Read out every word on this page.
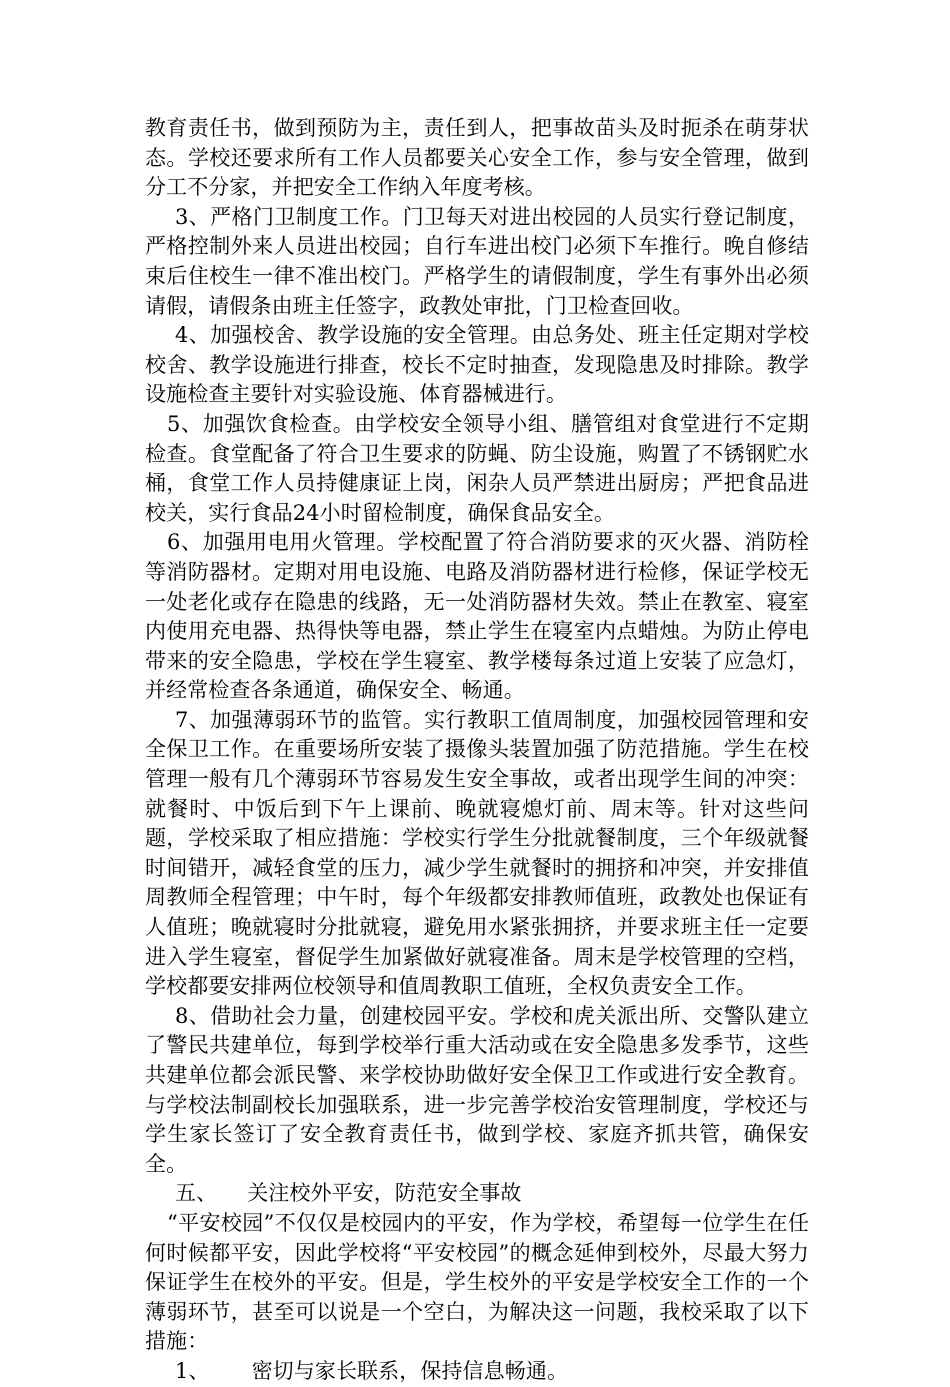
教育责任书，做到预防为主，责任到人，把事故苗头及时扼杀在萌芽状态。学校还要求所有工作人员都要关心安全工作，参与安全管理，做到分工不分家，并把安全工作纳入年度考核。

3、严格门卫制度工作。门卫每天对进出校园的人员实行登记制度，严格控制外来人员进出校园；自行车进出校门必须下车推行。晚自修结束后住校生一律不准出校门。严格学生的请假制度，学生有事外出必须请假，请假条由班主任签字，政教处审批，门卫检查回收。

4、加强校舍、教学设施的安全管理。由总务处、班主任定期对学校校舍、教学设施进行排查，校长不定时抽查，发现隐患及时排除。教学设施检查主要针对实验设施、体育器械进行。

5、加强饮食检查。由学校安全领导小组、膳管组对食堂进行不定期检查。食堂配备了符合卫生要求的防蝇、防尘设施，购置了不锈钢贮水桶，食堂工作人员持健康证上岗，闲杂人员严禁进出厨房；严把食品进校关，实行食品24小时留检制度，确保食品安全。

6、加强用电用火管理。学校配置了符合消防要求的灭火器、消防栓等消防器材。定期对用电设施、电路及消防器材进行检修，保证学校无一处老化或存在隐患的线路，无一处消防器材失效。禁止在教室、寝室内使用充电器、热得快等电器，禁止学生在寝室内点蜡烛。为防止停电带来的安全隐患，学校在学生寝室、教学楼每条过道上安装了应急灯，并经常检查各条通道，确保安全、畅通。

7、加强薄弱环节的监管。实行教职工值周制度，加强校园管理和安全保卫工作。在重要场所安装了摄像头装置加强了防范措施。学生在校管理一般有几个薄弱环节容易发生安全事故，或者出现学生间的冲突：就餐时、中饭后到下午上课前、晚就寝熄灯前、周末等。针对这些问题，学校采取了相应措施：学校实行学生分批就餐制度，三个年级就餐时间错开，减轻食堂的压力，减少学生就餐时的拥挤和冲突，并安排值周教师全程管理；中午时，每个年级都安排教师值班，政教处也保证有人值班；晚就寝时分批就寝，避免用水紧张拥挤，并要求班主任一定要进入学生寝室，督促学生加紧做好就寝准备。周末是学校管理的空档，学校都要安排两位校领导和值周教职工值班，全权负责安全工作。

8、借助社会力量，创建校园平安。学校和虎关派出所、交警队建立了警民共建单位，每到学校举行重大活动或在安全隐患多发季节，这些共建单位都会派民警、来学校协助做好安全保卫工作或进行安全教育。与学校法制副校长加强联系，进一步完善学校治安管理制度，学校还与学生家长签订了安全教育责任书，做到学校、家庭齐抓共管，确保安全。

五、 关注校外平安，防范安全事故

“平安校园”不仅仅是校园内的平安，作为学校，希望每一位学生在任何时候都平安，因此学校将“平安校园”的概念延伸到校外，尽最大努力保证学生在校外的平安。但是，学生校外的平安是学校安全工作的一个薄弱环节，甚至可以说是一个空白，为解决这一问题，我校采取了以下措施：

1、 密切与家长联系，保持信息畅通。
